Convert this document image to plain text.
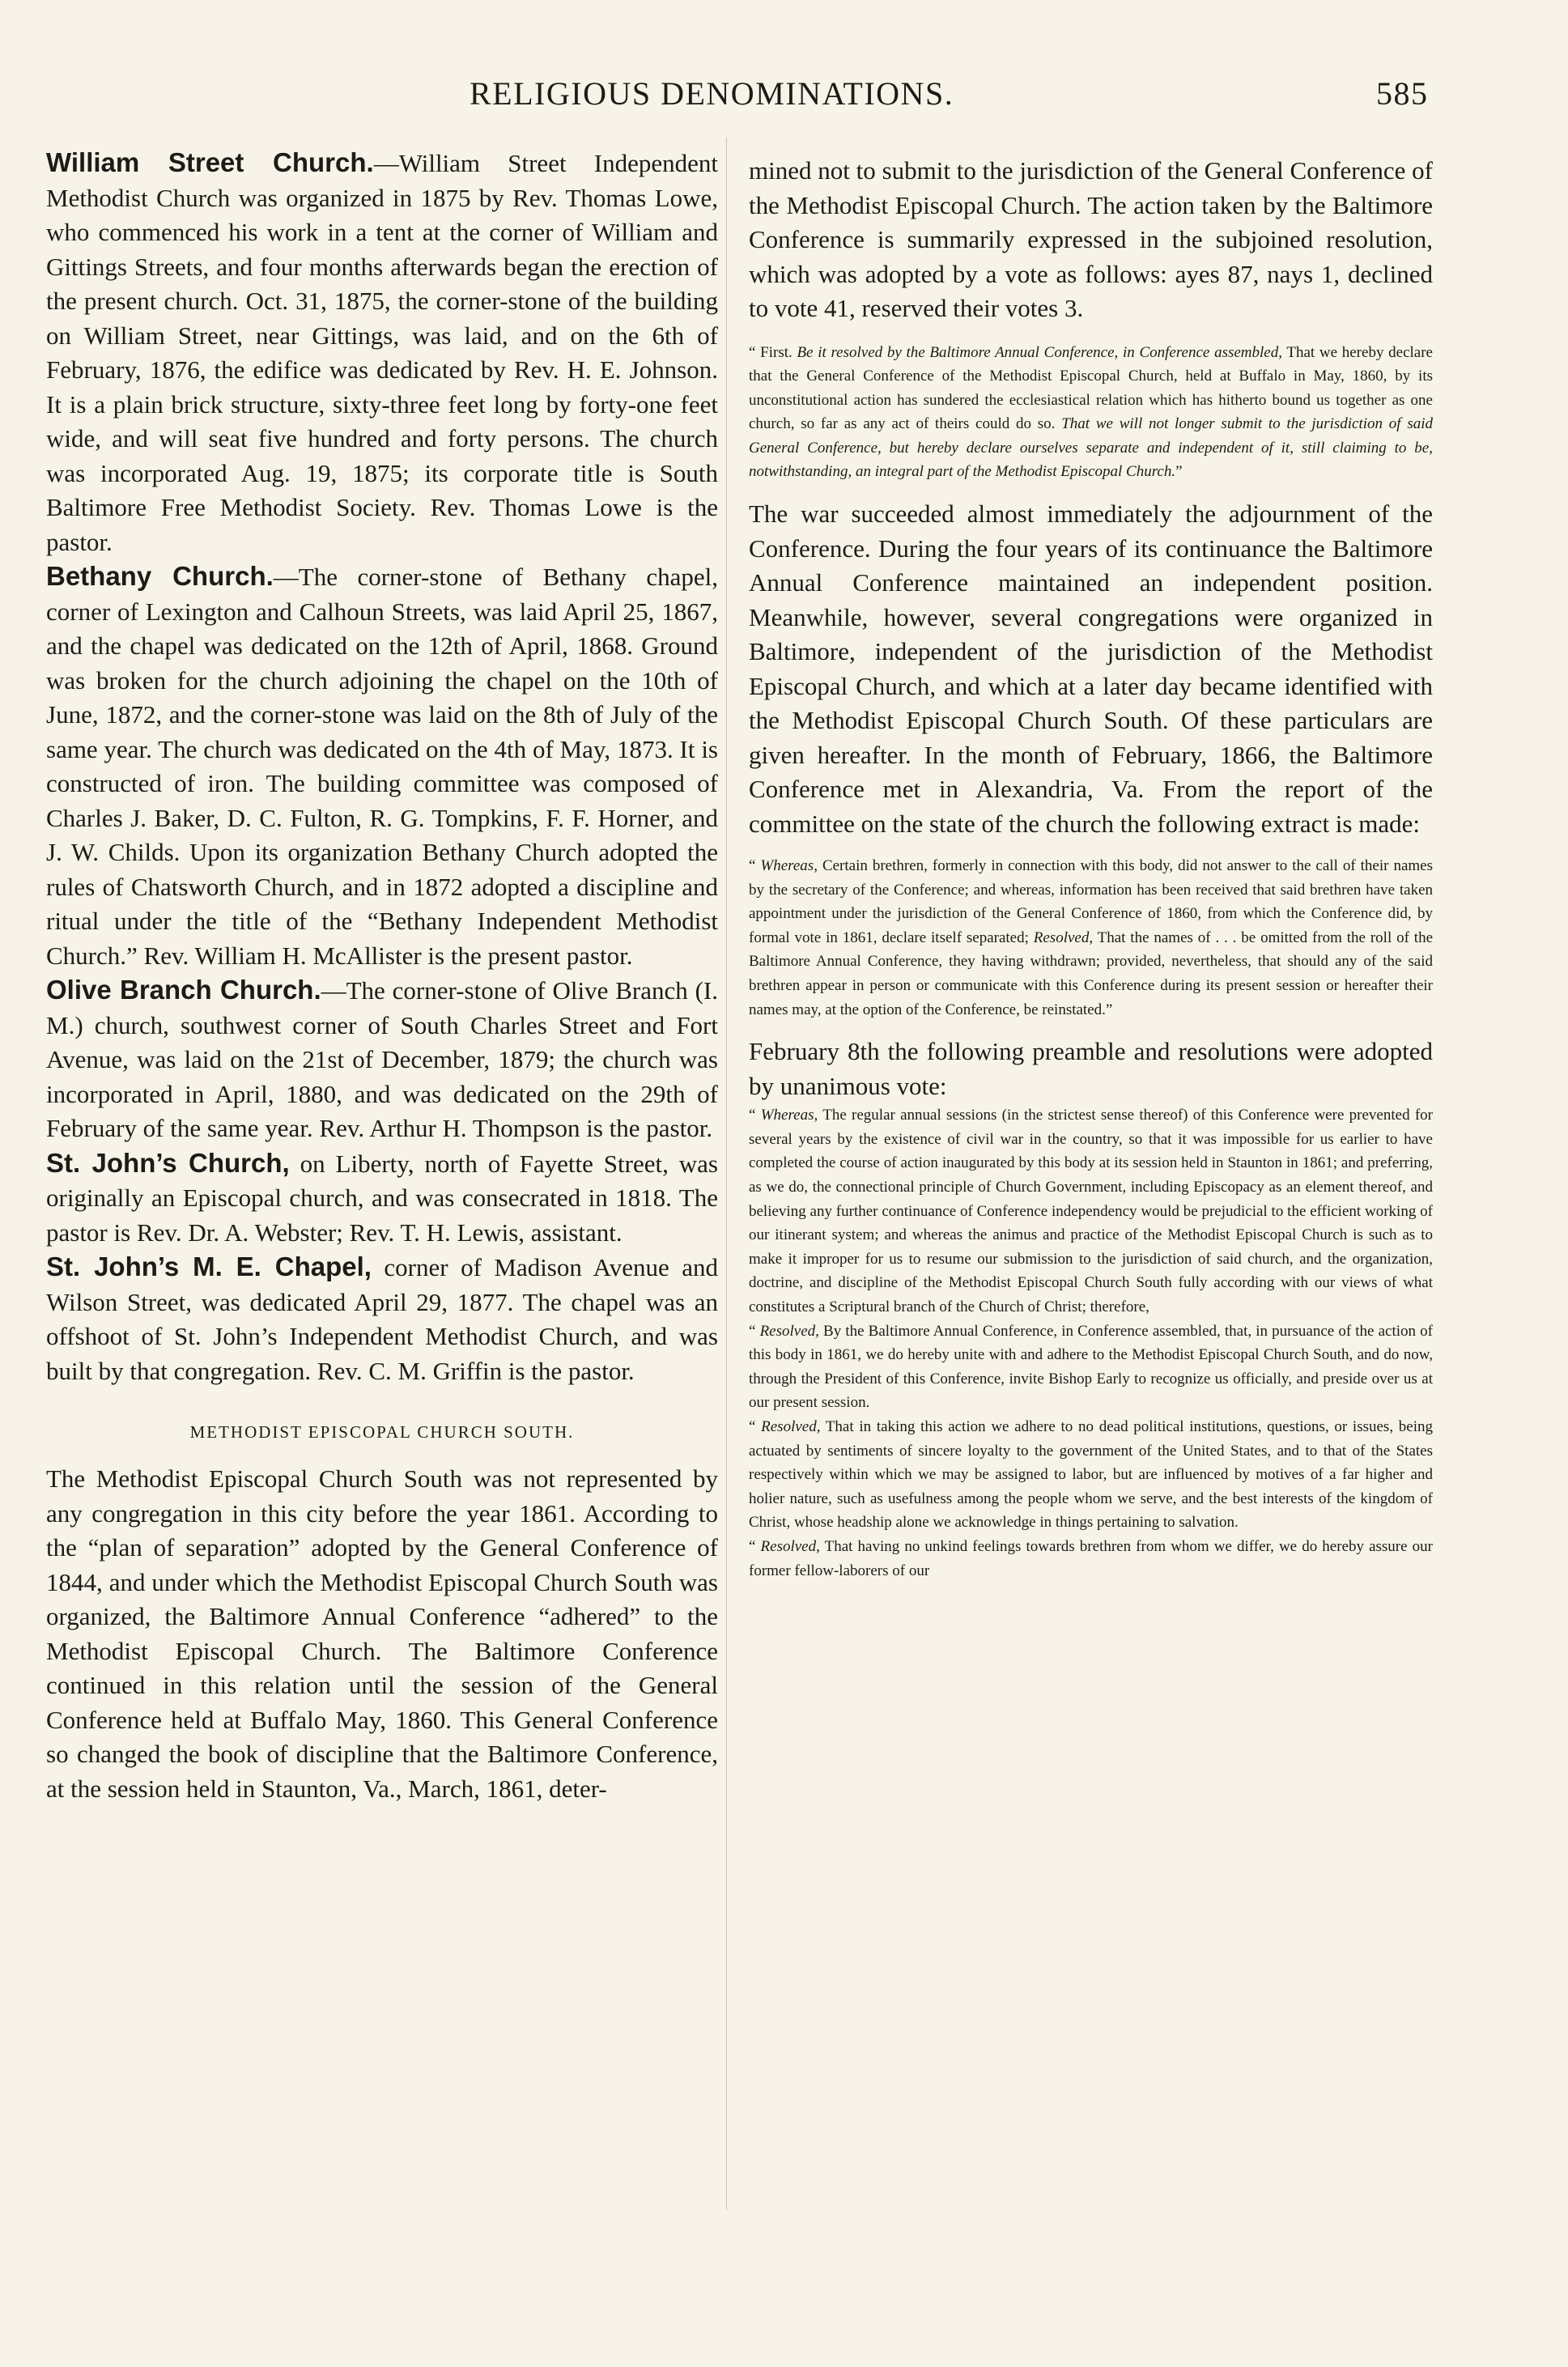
RELIGIOUS DENOMINATIONS.	585

William Street Church.—William Street Independent Methodist Church was organized in 1875 by Rev. Thomas Lowe, who commenced his work in a tent at the corner of William and Gittings Streets, and four months afterwards began the erection of the present church. Oct. 31, 1875, the corner-stone of the building on William Street, near Gittings, was laid, and on the 6th of February, 1876, the edifice was dedicated by Rev. H. E. Johnson. It is a plain brick structure, sixty-three feet long by forty-one feet wide, and will seat five hundred and forty persons. The church was incorporated Aug. 19, 1875; its corporate title is South Baltimore Free Methodist Society. Rev. Thomas Lowe is the pastor.

Bethany Church.—The corner-stone of Bethany chapel, corner of Lexington and Calhoun Streets, was laid April 25, 1867, and the chapel was dedicated on the 12th of April, 1868. Ground was broken for the church adjoining the chapel on the 10th of June, 1872, and the corner-stone was laid on the 8th of July of the same year. The church was dedicated on the 4th of May, 1873. It is constructed of iron. The building committee was composed of Charles J. Baker, D. C. Fulton, R. G. Tompkins, F. F. Horner, and J. W. Childs. Upon its organization Bethany Church adopted the rules of Chatsworth Church, and in 1872 adopted a discipline and ritual under the title of the “Bethany Independent Methodist Church.” Rev. William H. McAllister is the present pastor.

Olive Branch Church.—The corner-stone of Olive Branch (I. M.) church, southwest corner of South Charles Street and Fort Avenue, was laid on the 21st of December, 1879; the church was incorporated in April, 1880, and was dedicated on the 29th of February of the same year. Rev. Arthur H. Thompson is the pastor.

St. John’s Church, on Liberty, north of Fayette Street, was originally an Episcopal church, and was consecrated in 1818. The pastor is Rev. Dr. A. Webster; Rev. T. H. Lewis, assistant.

St. John’s M. E. Chapel, corner of Madison Avenue and Wilson Street, was dedicated April 29, 1877. The chapel was an offshoot of St. John’s Independent Methodist Church, and was built by that congregation. Rev. C. M. Griffin is the pastor.

METHODIST EPISCOPAL CHURCH SOUTH.

The Methodist Episcopal Church South was not represented by any congregation in this city before the year 1861. According to the “plan of separation” adopted by the General Conference of 1844, and under which the Methodist Episcopal Church South was organized, the Baltimore Annual Conference “adhered” to the Methodist Episcopal Church. The Baltimore Conference continued in this relation until the session of the General Conference held at Buffalo May, 1860. This General Conference so changed the book of discipline that the Baltimore Conference, at the session held in Staunton, Va., March, 1861, deter-

mined not to submit to the jurisdiction of the General Conference of the Methodist Episcopal Church. The action taken by the Baltimore Conference is summarily expressed in the subjoined resolution, which was adopted by a vote as follows: ayes 87, nays 1, declined to vote 41, reserved their votes 3.

“ First. Be it resolved by the Baltimore Annual Conference, in Conference assembled, That we hereby declare that the General Conference of the Methodist Episcopal Church, held at Buffalo in May, 1860, by its unconstitutional action has sundered the ecclesiastical relation which has hitherto bound us together as one church, so far as any act of theirs could do so. That we will not longer submit to the jurisdiction of said General Conference, but hereby declare ourselves separate and independent of it, still claiming to be, notwithstanding, an integral part of the Methodist Episcopal Church.”

The war succeeded almost immediately the adjournment of the Conference. During the four years of its continuance the Baltimore Annual Conference maintained an independent position. Meanwhile, however, several congregations were organized in Baltimore, independent of the jurisdiction of the Methodist Episcopal Church, and which at a later day became identified with the Methodist Episcopal Church South. Of these particulars are given hereafter. In the month of February, 1866, the Baltimore Conference met in Alexandria, Va. From the report of the committee on the state of the church the following extract is made:

“ Whereas, Certain brethren, formerly in connection with this body, did not answer to the call of their names by the secretary of the Conference; and whereas, information has been received that said brethren have taken appointment under the jurisdiction of the General Conference of 1860, from which the Conference did, by formal vote in 1861, declare itself separated; Resolved, That the names of . . . be omitted from the roll of the Baltimore Annual Conference, they having withdrawn; provided, nevertheless, that should any of the said brethren appear in person or communicate with this Conference during its present session or hereafter their names may, at the option of the Conference, be reinstated.”

February 8th the following preamble and resolutions were adopted by unanimous vote:

“ Whereas, The regular annual sessions (in the strictest sense thereof) of this Conference were prevented for several years by the existence of civil war in the country, so that it was impossible for us earlier to have completed the course of action inaugurated by this body at its session held in Staunton in 1861; and preferring, as we do, the connectional principle of Church Government, including Episcopacy as an element thereof, and believing any further continuance of Conference independency would be prejudicial to the efficient working of our itinerant system; and whereas the animus and practice of the Methodist Episcopal Church is such as to make it improper for us to resume our submission to the jurisdiction of said church, and the organization, doctrine, and discipline of the Methodist Episcopal Church South fully according with our views of what constitutes a Scriptural branch of the Church of Christ; therefore,

“ Resolved, By the Baltimore Annual Conference, in Conference assembled, that, in pursuance of the action of this body in 1861, we do hereby unite with and adhere to the Methodist Episcopal Church South, and do now, through the President of this Conference, invite Bishop Early to recognize us officially, and preside over us at our present session.

“ Resolved, That in taking this action we adhere to no dead political institutions, questions, or issues, being actuated by sentiments of sincere loyalty to the government of the United States, and to that of the States respectively within which we may be assigned to labor, but are influenced by motives of a far higher and holier nature, such as usefulness among the people whom we serve, and the best interests of the kingdom of Christ, whose headship alone we acknowledge in things pertaining to salvation.

“ Resolved, That having no unkind feelings towards brethren from whom we differ, we do hereby assure our former fellow-laborers of our
